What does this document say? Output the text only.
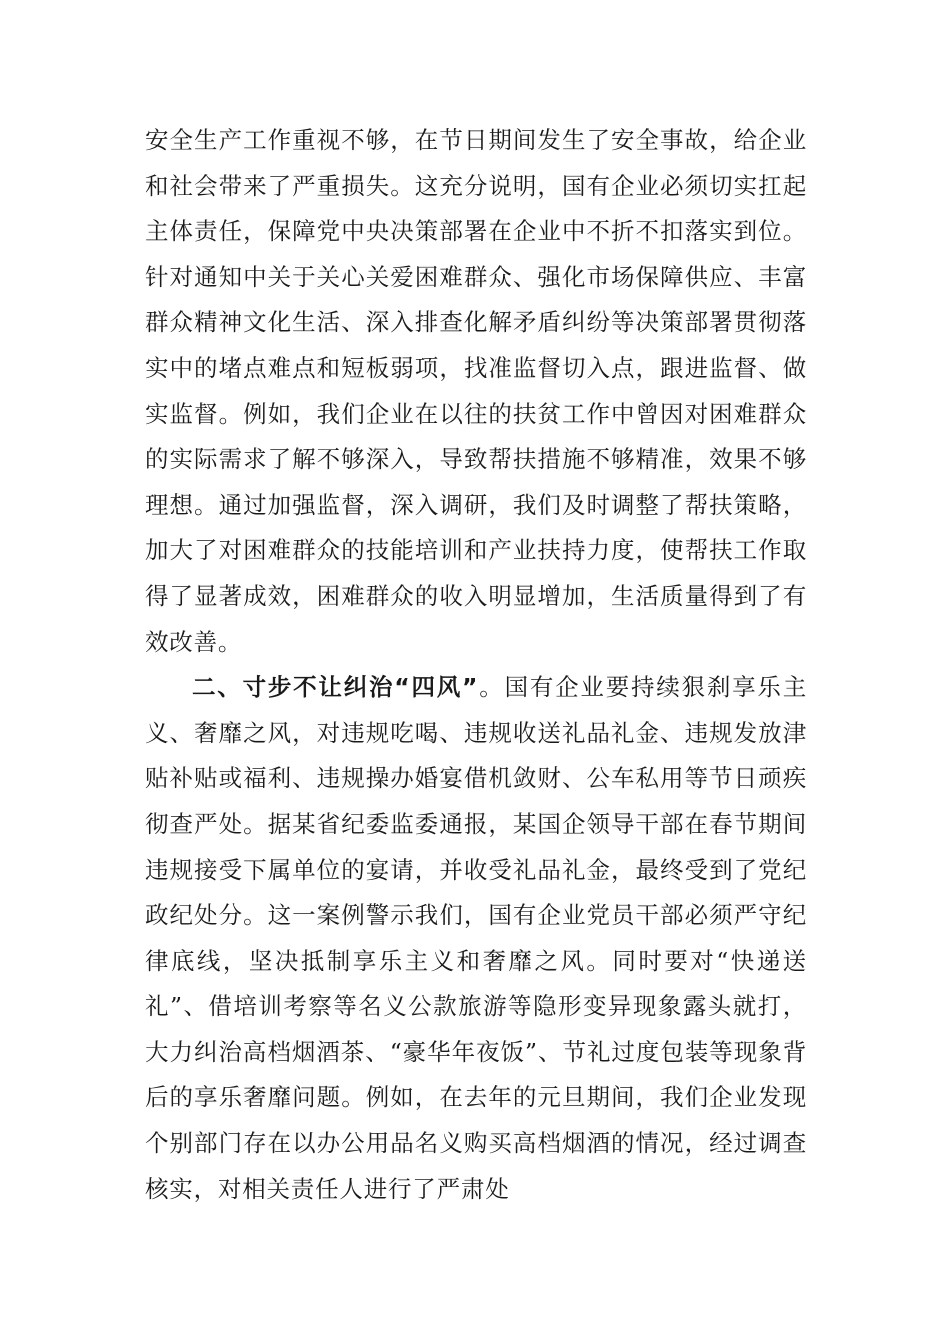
安全生产工作重视不够，在节日期间发生了安全事故，给企业和社会带来了严重损失。这充分说明，国有企业必须切实扛起主体责任，保障党中央决策部署在企业中不折不扣落实到位。针对通知中关于关心关爱困难群众、强化市场保障供应、丰富群众精神文化生活、深入排查化解矛盾纠纷等决策部署贯彻落实中的堵点难点和短板弱项，找准监督切入点，跟进监督、做实监督。例如，我们企业在以往的扶贫工作中曾因对困难群众的实际需求了解不够深入，导致帮扶措施不够精准，效果不够理想。通过加强监督，深入调研，我们及时调整了帮扶策略，加大了对困难群众的技能培训和产业扶持力度，使帮扶工作取得了显著成效，困难群众的收入明显增加，生活质量得到了有效改善。

二、寸步不让纠治“四风”。国有企业要持续狠刹享乐主义、奢靡之风，对违规吃喝、违规收送礼品礼金、违规发放津贴补贴或福利、违规操办婚宴借机敛财、公车私用等节日顽疾彻查严处。据某省纪委监委通报，某国企领导干部在春节期间违规接受下属单位的宴请，并收受礼品礼金，最终受到了党纪政纪处分。这一案例警示我们，国有企业党员干部必须严守纪律底线，坚决抵制享乐主义和奢靡之风。同时要对“快递送礼”、借培训考察等名义公款旅游等隐形变异现象露头就打，大力纠治高档烟酒茶、“豪华年夜饭”、节礼过度包装等现象背后的享乐奢靡问题。例如，在去年的元旦期间，我们企业发现个别部门存在以办公用品名义购买高档烟酒的情况，经过调查核实，对相关责任人进行了严肃处
